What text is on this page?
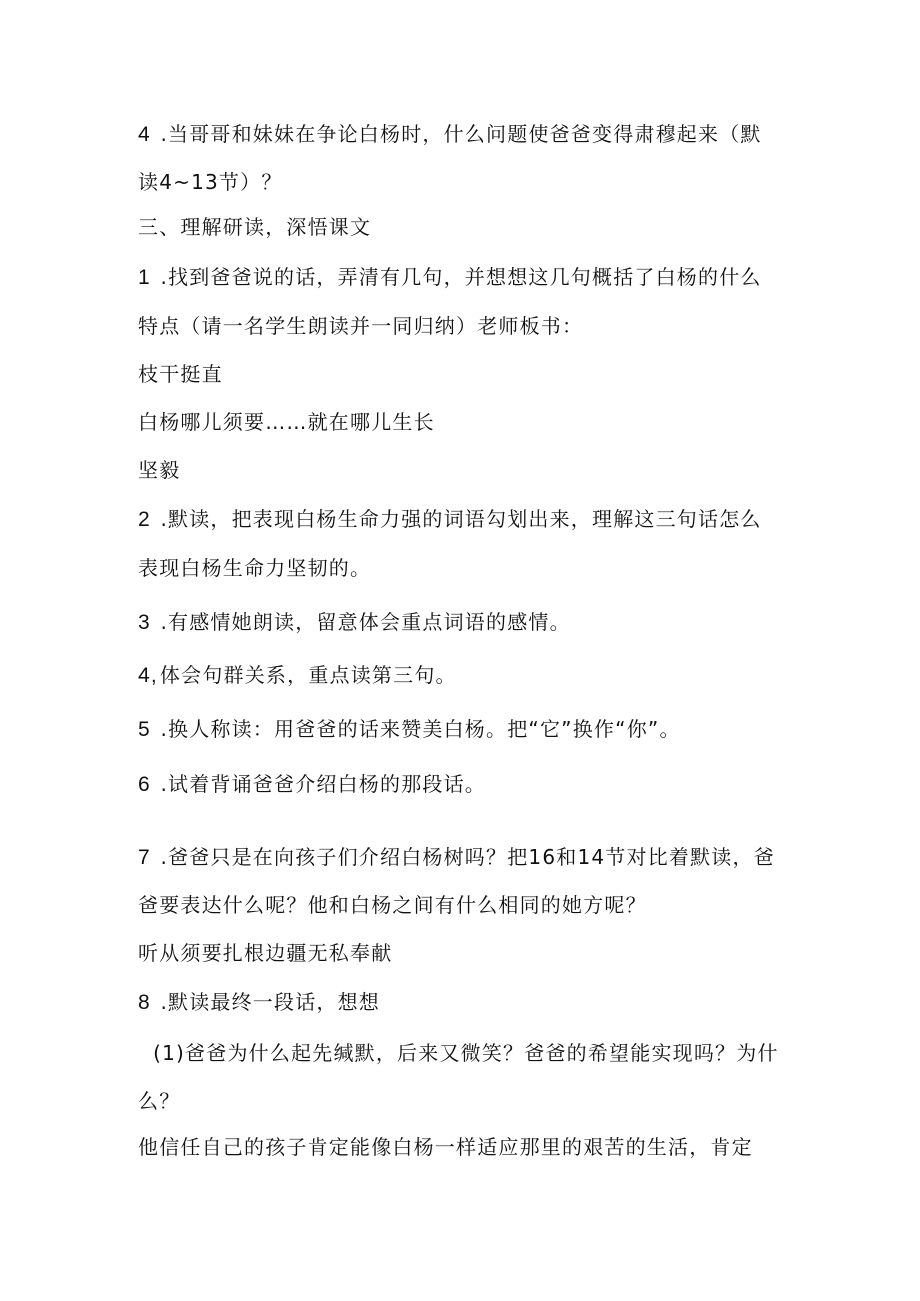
4 .当哥哥和妹妹在争论白杨时，什么问题使爸爸变得肃穆起来（默
读4~13节）？
三、理解研读，深悟课文
1 .找到爸爸说的话，弄清有几句，并想想这几句概括了白杨的什么
特点（请一名学生朗读并一同归纳）老师板书：
枝干挺直
白杨哪儿须要……就在哪儿生长
坚毅
2 .默读，把表现白杨生命力强的词语勾划出来，理解这三句话怎么
表现白杨生命力坚韧的。
3 .有感情她朗读，留意体会重点词语的感情。
4, 体会句群关系，重点读第三句。
5 .换人称读：用爸爸的话来赞美白杨。把“它”换作“你”。
6 .试着背诵爸爸介绍白杨的那段话。
7 .爸爸只是在向孩子们介绍白杨树吗？把16和14节对比着默读，爸
爸要表达什么呢？他和白杨之间有什么相同的她方呢？
听从须要扎根边疆无私奉献
8 .默读最终一段话，想想
(1)爸爸为什么起先缄默，后来又微笑？爸爸的希望能实现吗？为什
么？
他信任自己的孩子肯定能像白杨一样适应那里的艰苦的生活，肯定
